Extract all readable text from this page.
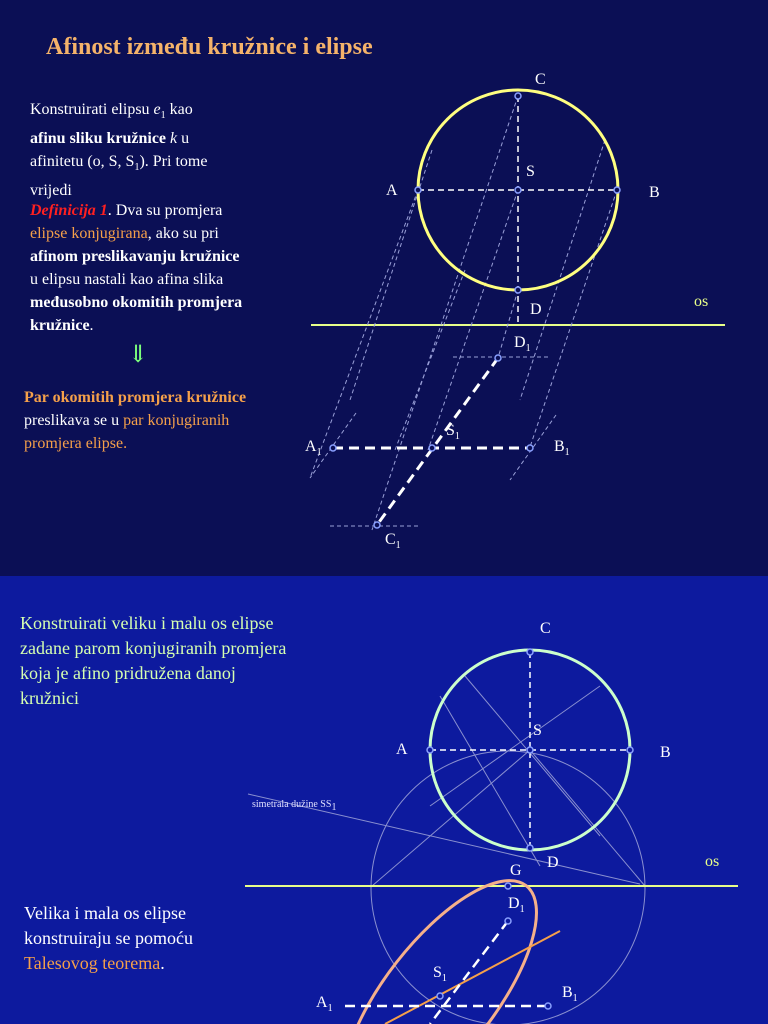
Afinost između kružnice i elipse
Konstruirati elipsu $e_1$ kao
afinu sliku kružnice k u
afinitetu (o, S, $S_1$). Pri tome
vrijedi
Definicija 1. Dva su promjera
elipse konjugirana, ako su pri
afinom preslikavanju kružnice
u elipsu nastali kao afina slika
međusobno okomitih promjera
kružnice.
⇓
Par okomitih promjera kružnice
preslikava se u par konjugiranih
promjera elipse.
C
S
A	B
D	os
$D_1$
$S_1$
$A_1$	$B_1$
$C_1$
Konstruirati veliku i malu os elipse
zadane parom konjugiranih promjera
koja je afino pridružena danoj
kružnici
Velika i mala os elipse
konstruiraju se pomoću
Talesovog teorema.
C
S
A	B
D
G
os
simetrala dužine $SS_1$
$D_1$
$S_1$
$A_1$
$B_1$
